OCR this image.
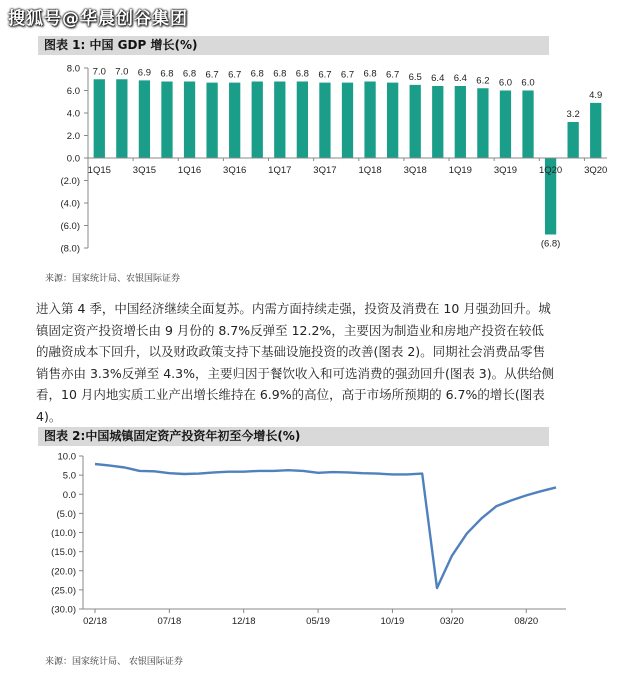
搜狐号@华晨创谷集团
图表 1: 中国 GDP 增长(%)
8.0
6.0
4.0
2.0
0.0
(2.0)
(4.0)
(6.0)
(8.0)
7.0 7.0 6.9 6.8 6.8 6.7 6.7 6.8 6.8 6.8 6.7 6.7 6.8 6.7 6.5 6.4 6.4 6.2 6.0 6.0
(6.8)
3.2
4.9
1Q15 3Q15 1Q16 3Q16 1Q17 3Q17 1Q18 3Q18 1Q19 3Q19 1Q20 3Q20
来源：国家统计局、农银国际证券
进入第 4 季，中国经济继续全面复苏。内需方面持续走强，投资及消费在 10 月强劲回升。城镇固定资产投资增长由 9 月份的 8.7%反弹至 12.2%，主要因为制造业和房地产投资在较低的融资成本下回升，以及财政政策支持下基础设施投资的改善(图表 2)。同期社会消费品零售销售亦由 3.3%反弹至 4.3%，主要归因于餐饮收入和可选消费的强劲回升(图表 3)。从供给侧看，10 月内地实质工业产出增长维持在 6.9%的高位，高于市场所预期的 6.7%的增长(图表 4)。
图表 2:中国城镇固定资产投资年初至今增长(%)
10.0
5.0
0.0
(5.0)
(10.0)
(15.0)
(20.0)
(25.0)
(30.0)
02/18	07/18	12/18	05/19	10/19	03/20	08/20
来源：国家统计局、 农银国际证券
